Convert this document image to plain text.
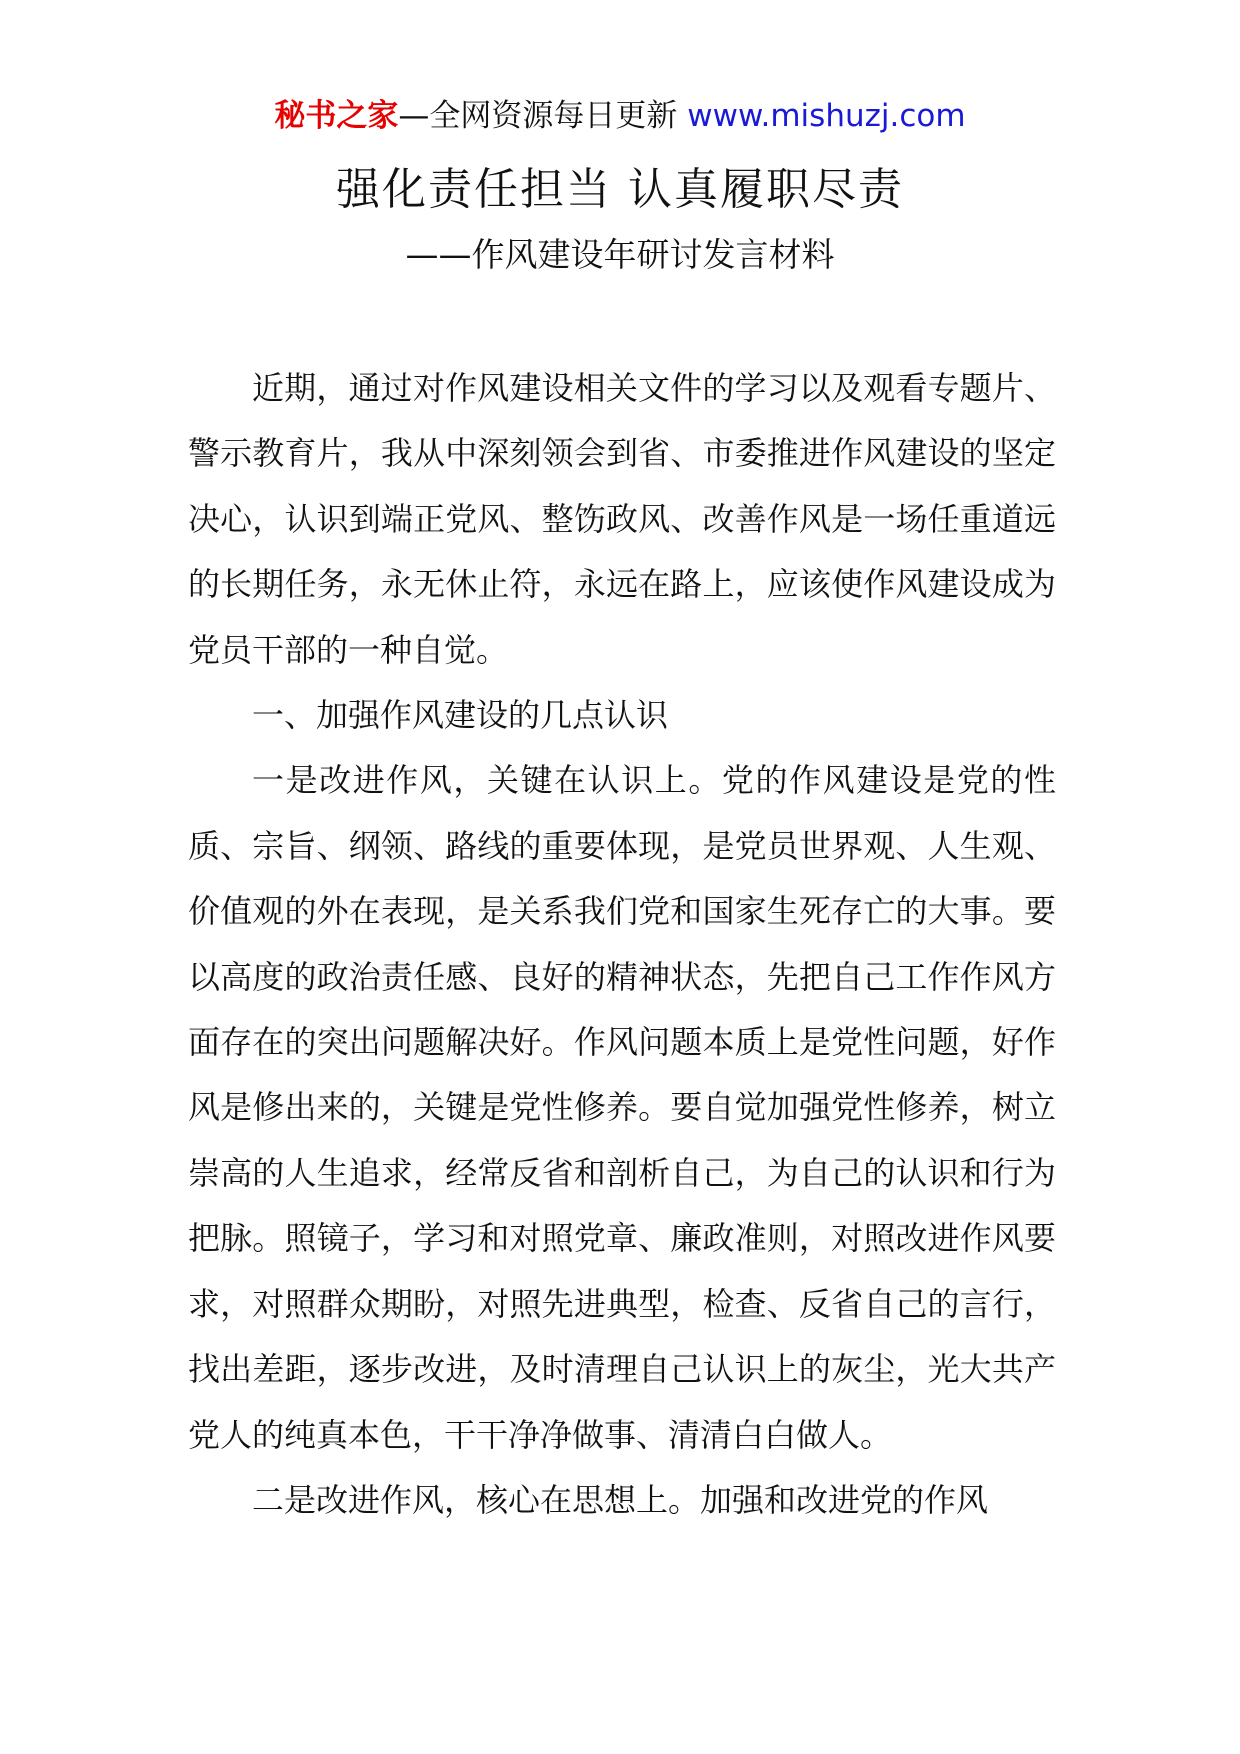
秘书之家—全网资源每日更新 www.mishuzj.com
强化责任担当 认真履职尽责
——作风建设年研讨发言材料

近期，通过对作风建设相关文件的学习以及观看专题片、警示教育片，我从中深刻领会到省、市委推进作风建设的坚定决心，认识到端正党风、整饬政风、改善作风是一场任重道远的长期任务，永无休止符，永远在路上，应该使作风建设成为党员干部的一种自觉。

一、加强作风建设的几点认识

一是改进作风，关键在认识上。党的作风建设是党的性质、宗旨、纲领、路线的重要体现，是党员世界观、人生观、价值观的外在表现，是关系我们党和国家生死存亡的大事。要以高度的政治责任感、良好的精神状态，先把自己工作作风方面存在的突出问题解决好。作风问题本质上是党性问题，好作风是修出来的，关键是党性修养。要自觉加强党性修养，树立崇高的人生追求，经常反省和剖析自己，为自己的认识和行为把脉。照镜子，学习和对照党章、廉政准则，对照改进作风要求，对照群众期盼，对照先进典型，检查、反省自己的言行，找出差距，逐步改进，及时清理自己认识上的灰尘，光大共产党人的纯真本色，干干净净做事、清清白白做人。

二是改进作风，核心在思想上。加强和改进党的作风
